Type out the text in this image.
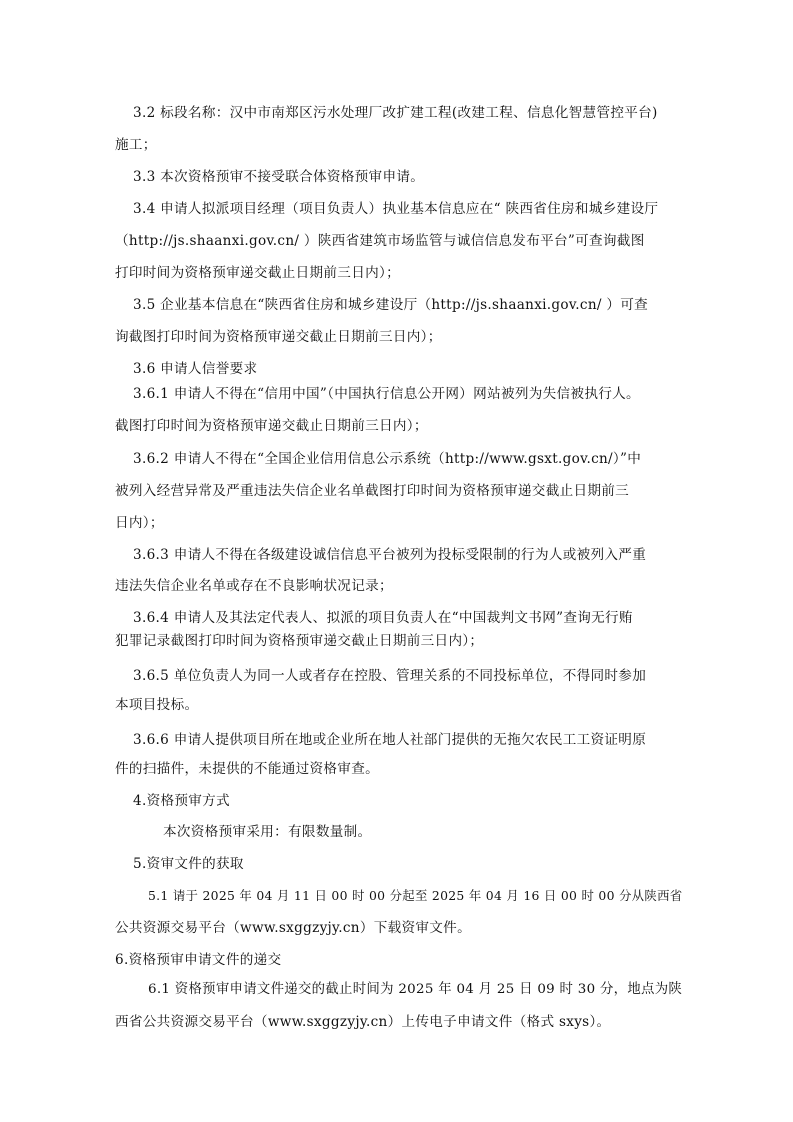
3.2 标段名称：汉中市南郑区污水处理厂改扩建工程(改建工程、信息化智慧管控平台)
施工；
3.3 本次资格预审不接受联合体资格预审申请。
3.4 申请人拟派项目经理（项目负责人）执业基本信息应在“ 陕西省住房和城乡建设厅
（http://js.shaanxi.gov.cn/ ）陕西省建筑市场监管与诚信信息发布平台”可查询截图
打印时间为资格预审递交截止日期前三日内）；
3.5 企业基本信息在“陕西省住房和城乡建设厅（http://js.shaanxi.gov.cn/ ）可查
询截图打印时间为资格预审递交截止日期前三日内）；
3.6 申请人信誉要求
3.6.1 申请人不得在“信用中国”（中国执行信息公开网）网站被列为失信被执行人。
截图打印时间为资格预审递交截止日期前三日内）；
3.6.2 申请人不得在“全国企业信用信息公示系统（http://www.gsxt.gov.cn/）”中
被列入经营异常及严重违法失信企业名单截图打印时间为资格预审递交截止日期前三
日内）；
3.6.3 申请人不得在各级建设诚信信息平台被列为投标受限制的行为人或被列入严重
违法失信企业名单或存在不良影响状况记录；
3.6.4 申请人及其法定代表人、拟派的项目负责人在“中国裁判文书网”查询无行贿
犯罪记录截图打印时间为资格预审递交截止日期前三日内）；
3.6.5 单位负责人为同一人或者存在控股、管理关系的不同投标单位，不得同时参加
本项目投标。
3.6.6 申请人提供项目所在地或企业所在地人社部门提供的无拖欠农民工工资证明原
件的扫描件，未提供的不能通过资格审查。
4.资格预审方式
本次资格预审采用：有限数量制。
5.资审文件的获取
5.1 请于 2025 年 04 月 11 日 00 时 00 分起至 2025 年 04 月 16 日 00 时 00 分从陕西省
公共资源交易平台（www.sxggzyjy.cn）下载资审文件。
6.资格预审申请文件的递交
6.1 资格预审申请文件递交的截止时间为 2025 年 04 月 25 日 09 时 30 分，地点为陕
西省公共资源交易平台（www.sxggzyjy.cn）上传电子申请文件（格式 sxys）。
